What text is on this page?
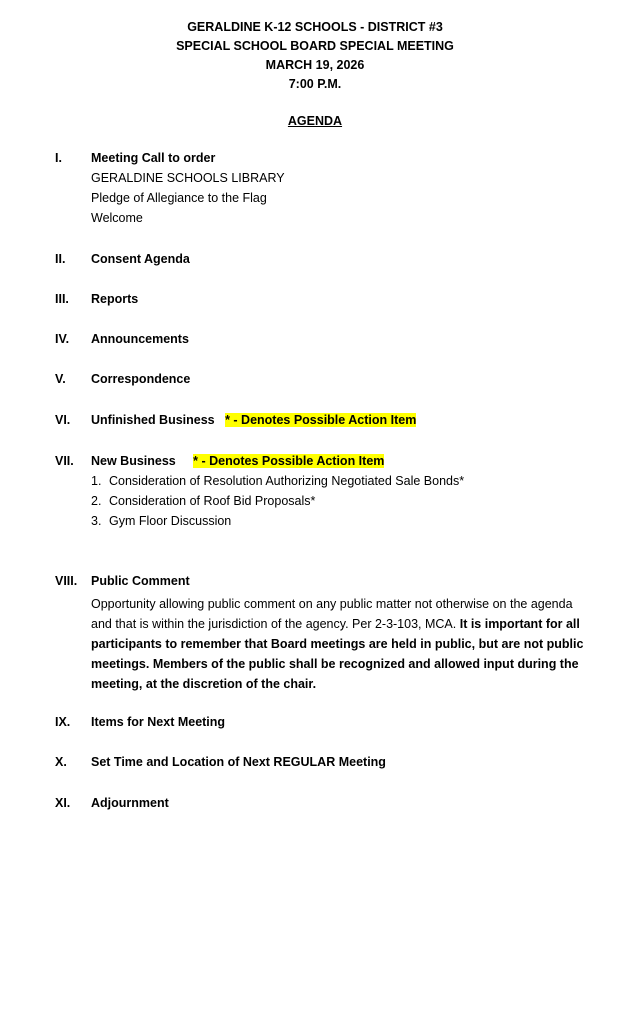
GERALDINE K-12 SCHOOLS - DISTRICT #3
SPECIAL SCHOOL BOARD SPECIAL MEETING
MARCH 19, 2026
7:00 P.M.
AGENDA
I. Meeting Call to order
GERALDINE SCHOOLS LIBRARY
Pledge of Allegiance to the Flag
Welcome
II. Consent Agenda
III. Reports
IV. Announcements
V. Correspondence
VI. Unfinished Business * - Denotes Possible Action Item
VII. New Business * - Denotes Possible Action Item
1. Consideration of Resolution Authorizing Negotiated Sale Bonds*
2. Consideration of Roof Bid Proposals*
3. Gym Floor Discussion
VIII. Public Comment
Opportunity allowing public comment on any public matter not otherwise on the agenda and that is within the jurisdiction of the agency. Per 2-3-103, MCA. It is important for all participants to remember that Board meetings are held in public, but are not public meetings. Members of the public shall be recognized and allowed input during the meeting, at the discretion of the chair.
IX. Items for Next Meeting
X. Set Time and Location of Next REGULAR Meeting
XI. Adjournment
